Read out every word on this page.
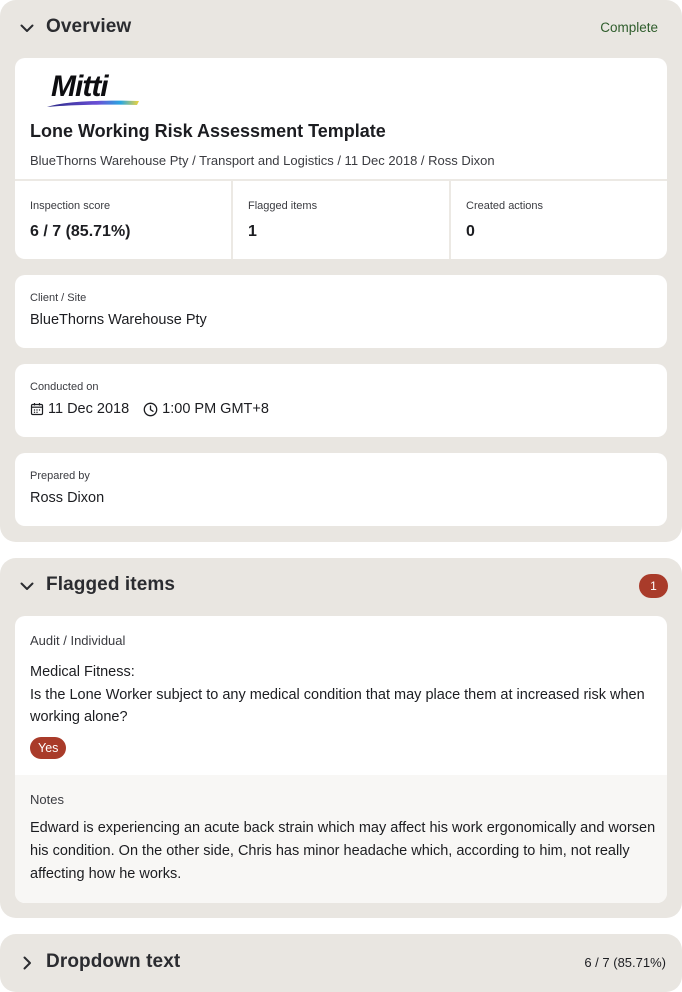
Overview	Complete
Mitti
Lone Working Risk Assessment Template
BlueThorns Warehouse Pty / Transport and Logistics / 11 Dec 2018 / Ross Dixon
Inspection score
6 / 7 (85.71%)
Flagged items
1
Created actions
0
Client / Site
BlueThorns Warehouse Pty
Conducted on
11 Dec 2018 1:00 PM GMT+8
Prepared by
Ross Dixon
Flagged items	1
Audit / Individual
Medical Fitness:
Is the Lone Worker subject to any medical condition that may place them at increased risk when working alone?
Yes
Notes
Edward is experiencing an acute back strain which may affect his work ergonomically and worsen his condition. On the other side, Chris has minor headache which, according to him, not really affecting how he works.
Dropdown text	6 / 7 (85.71%)
